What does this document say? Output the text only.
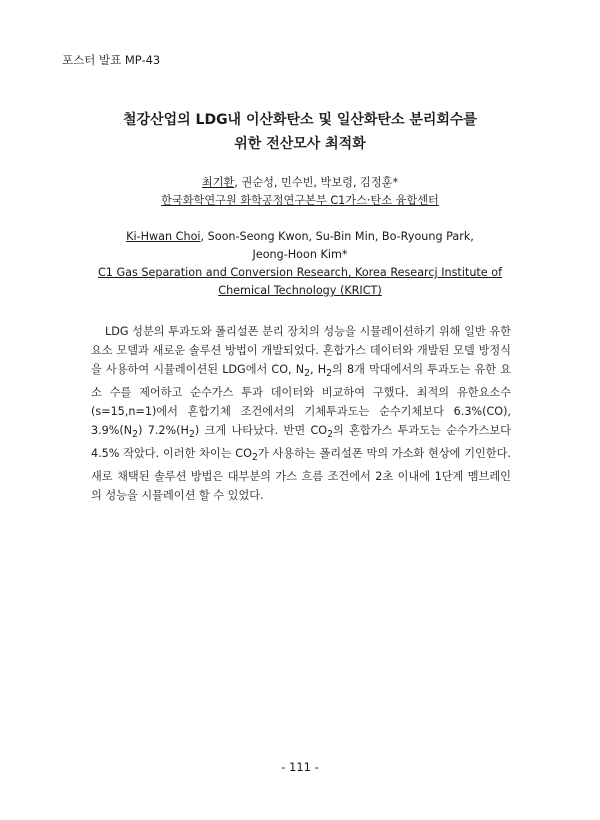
포스터 발표 MP-43
철강산업의 LDG내 이산화탄소 및 일산화탄소 분리회수를
위한 전산모사 최적화
최기환, 권순성, 민수빈, 박보령, 김정훈*
한국화학연구원 화학공정연구본부 C1가스·탄소 융합센터
Ki-Hwan Choi, Soon-Seong Kwon, Su-Bin Min, Bo-Ryoung Park,
Jeong-Hoon Kim*
C1 Gas Separation and Conversion Research, Korea Researcj Institute of
Chemical Technology (KRICT)

LDG 성분의 투과도와 폴리설폰 분리 장치의 성능을 시뮬레이션하기 위해 일반 유한 요소 모델과 새로운 솔루션 방법이 개발되었다. 혼합가스 데이터와 개발된 모델 방정식을 사용하여 시뮬레이션된 LDG에서 CO, $N_2$, $H_2$의 8개 막대에서의 투과도는 유한 요소 수를 제어하고 순수가스 투과 데이터와 비교하여 구했다. 최적의 유한요소수(s=15,n=1)에서 혼합기체 조건에서의 기체투과도는 순수기체보다 6.3%(CO), $3.9\%(N_2)$ $7.2\%(H_2)$ 크게 나타났다. 반면 $CO_2$의 혼합가스 투과도는 순수가스보다 4.5% 작았다. 이러한 차이는 $CO_2$가 사용하는 폴리설폰 막의 가소화 현상에 기인한다. 새로 채택된 솔루션 방법은 대부분의 가스 흐름 조건에서 2초 이내에 1단계 멤브레인의 성능을 시뮬레이션 할 수 있었다.

- 111 -
